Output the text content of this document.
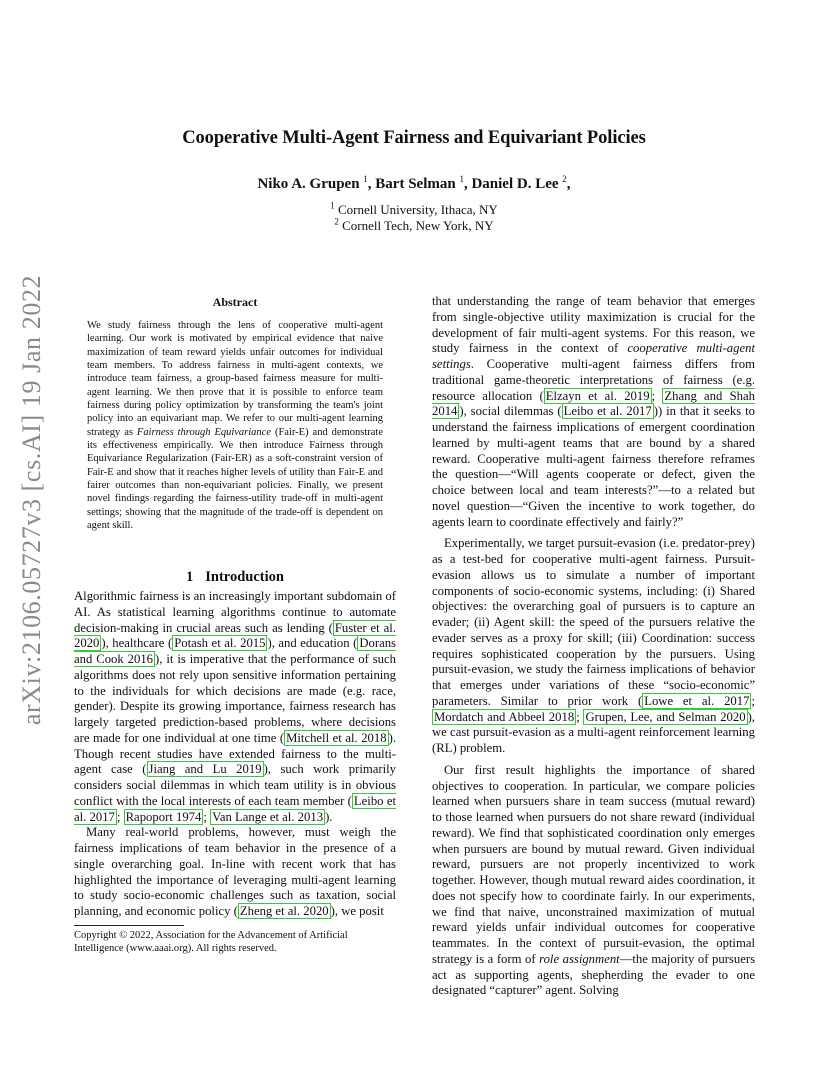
arXiv:2106.05727v3 [cs.AI] 19 Jan 2022
Cooperative Multi-Agent Fairness and Equivariant Policies
Niko A. Grupen $^1$, Bart Selman $^1$, Daniel D. Lee $^2$,
$^1$ Cornell University, Ithaca, NY
$^2$ Cornell Tech, New York, NY
Abstract
We study fairness through the lens of cooperative multi-agent learning. Our work is motivated by empirical evidence that naive maximization of team reward yields unfair outcomes for individual team members. To address fairness in multi-agent contexts, we introduce team fairness, a group-based fairness measure for multi-agent learning. We then prove that it is possible to enforce team fairness during policy optimization by transforming the team's joint policy into an equivariant map. We refer to our multi-agent learning strategy as Fairness through Equivariance (Fair-E) and demonstrate its effectiveness empirically. We then introduce Fairness through Equivariance Regularization (Fair-ER) as a soft-constraint version of Fair-E and show that it reaches higher levels of utility than Fair-E and fairer outcomes than non-equivariant policies. Finally, we present novel findings regarding the fairness-utility trade-off in multi-agent settings; showing that the magnitude of the trade-off is dependent on agent skill.
1 Introduction

Algorithmic fairness is an increasingly important subdomain of AI. As statistical learning algorithms continue to automate decision-making in crucial areas such as lending ( Fuster et al. 2020 ), healthcare ( Potash et al. 2015 ), and education ( Dorans and Cook 2016 ), it is imperative that the performance of such algorithms does not rely upon sensitive information pertaining to the individuals for which decisions are made (e.g. race, gender). Despite its growing importance, fairness research has largely targeted prediction-based problems, where decisions are made for one individual at one time ( Mitchell et al. 2018 ). Though recent studies have extended fairness to the multi-agent case ( Jiang and Lu 2019 ), such work primarily considers social dilemmas in which team utility is in obvious conflict with the local interests of each team member ( Leibo et al. 2017 ; Rapoport 1974 ; Van Lange et al. 2013 ).

Many real-world problems, however, must weigh the fairness implications of team behavior in the presence of a single overarching goal. In-line with recent work that has highlighted the importance of leveraging multi-agent learning to study socio-economic challenges such as taxation, social planning, and economic policy ( Zheng et al. 2020 ), we posit

Copyright © 2022, Association for the Advancement of Artificial Intelligence (www.aaai.org). All rights reserved.

that understanding the range of team behavior that emerges from single-objective utility maximization is crucial for the development of fair multi-agent systems. For this reason, we study fairness in the context of cooperative multi-agent settings. Cooperative multi-agent fairness differs from traditional game-theoretic interpretations of fairness (e.g. resource allocation ( Elzayn et al. 2019 ; Zhang and Shah 2014 ), social dilemmas ( Leibo et al. 2017 )) in that it seeks to understand the fairness implications of emergent coordination learned by multi-agent teams that are bound by a shared reward. Cooperative multi-agent fairness therefore reframes the question—“Will agents cooperate or defect, given the choice between local and team interests?”—to a related but novel question—“Given the incentive to work together, do agents learn to coordinate effectively and fairly?”

Experimentally, we target pursuit-evasion (i.e. predator-prey) as a test-bed for cooperative multi-agent fairness. Pursuit-evasion allows us to simulate a number of important components of socio-economic systems, including: (i) Shared objectives: the overarching goal of pursuers is to capture an evader; (ii) Agent skill: the speed of the pursuers relative the evader serves as a proxy for skill; (iii) Coordination: success requires sophisticated cooperation by the pursuers. Using pursuit-evasion, we study the fairness implications of behavior that emerges under variations of these “socio-economic” parameters. Similar to prior work ( Lowe et al. 2017 ; Mordatch and Abbeel 2018 ; Grupen, Lee, and Selman 2020 ), we cast pursuit-evasion as a multi-agent reinforcement learning (RL) problem.

Our first result highlights the importance of shared objectives to cooperation. In particular, we compare policies learned when pursuers share in team success (mutual reward) to those learned when pursuers do not share reward (individual reward). We find that sophisticated coordination only emerges when pursuers are bound by mutual reward. Given individual reward, pursuers are not properly incentivized to work together. However, though mutual reward aides coordination, it does not specify how to coordinate fairly. In our experiments, we find that naive, unconstrained maximization of mutual reward yields unfair individual outcomes for cooperative teammates. In the context of pursuit-evasion, the optimal strategy is a form of role assignment—the majority of pursuers act as supporting agents, shepherding the evader to one designated “capturer” agent. Solving
